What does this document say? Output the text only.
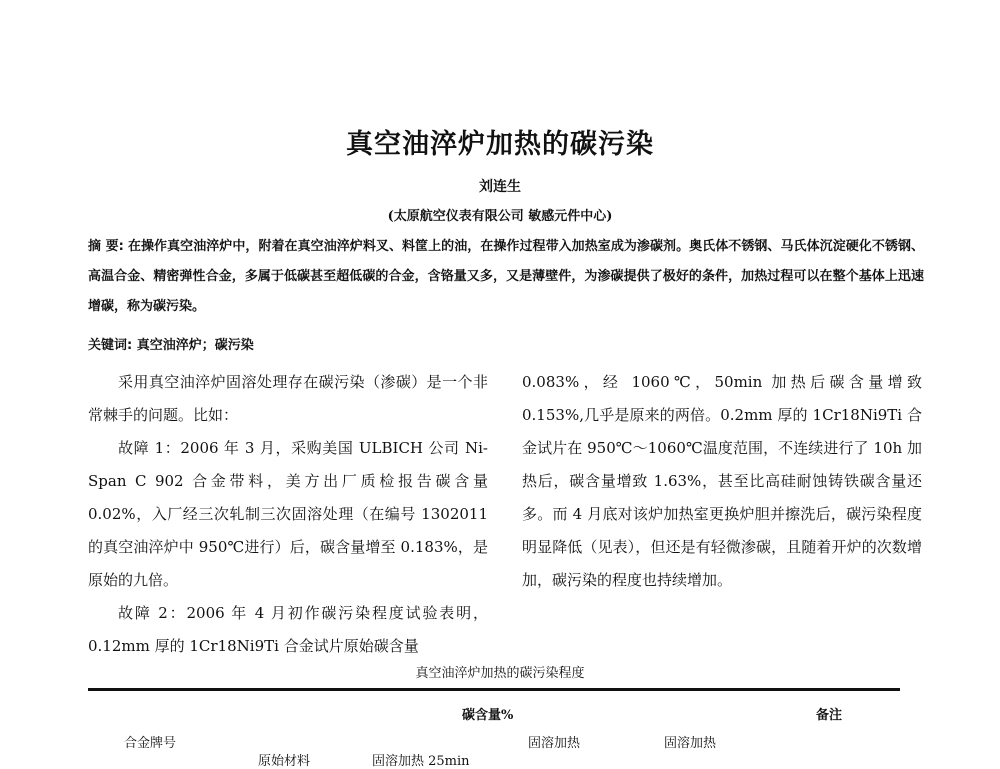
真空油淬炉加热的碳污染
刘连生
(太原航空仪表有限公司 敏感元件中心)
摘 要: 在操作真空油淬炉中，附着在真空油淬炉料叉、料筐上的油，在操作过程带入加热室成为渗碳剂。奥氏体不锈钢、马氏体沉淀硬化不锈钢、高温合金、精密弹性合金，多属于低碳甚至超低碳的合金，含铬量又多，又是薄壁件，为渗碳提供了极好的条件，加热过程可以在整个基体上迅速增碳，称为碳污染。
关键词: 真空油淬炉；碳污染

采用真空油淬炉固溶处理存在碳污染（渗碳）是一个非常棘手的问题。比如：

故障 1：2006 年 3 月，采购美国 ULBICH 公司 Ni-Span C 902 合金带料，美方出厂质检报告碳含量 0.02%，入厂经三次轧制三次固溶处理（在编号 1302011 的真空油淬炉中 950℃进行）后，碳含量增至 0.183%，是原始的九倍。

故障 2：2006 年 4 月初作碳污染程度试验表明，0.12mm 厚的 1Cr18Ni9Ti 合金试片原始碳含量

0.083%，经 1060℃，50min 加热后碳含量增致 0.153%,几乎是原来的两倍。0.2mm 厚的 1Cr18Ni9Ti 合金试片在 950℃～1060℃温度范围，不连续进行了 10h 加热后，碳含量增致 1.63%，甚至比高硅耐蚀铸铁碳含量还多。而 4 月底对该炉加热室更换炉胆并擦洗后，碳污染程度明显降低（见表），但还是有轻微渗碳，且随着开炉的次数增加，碳污染的程度也持续增加。

真空油淬炉加热的碳污染程度
碳含量%	备注
合金牌号	固溶加热	固溶加热
原始材料	固溶加热 25min
